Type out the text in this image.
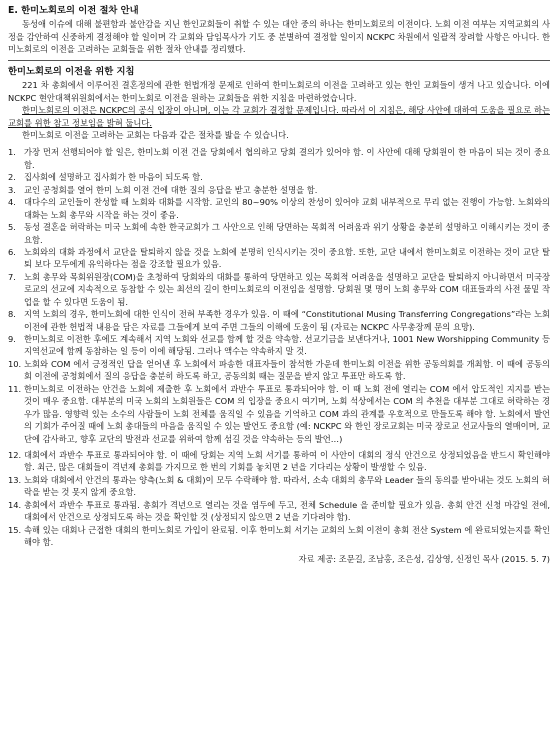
E. 한미노회로의 이전 절차 안내

동성애 이슈에 대해 불편함과 불안감을 지닌 한인교회들이 취할 수 있는 대안 중의 하나는 한미노회로의 이전이다. 노회 이전 여부는 지역교회의 사정을 감안하여 신중하게 결정해야 할 일이며 각 교회와 담임목사가 기도 중 분별하여 결정할 일이지 NCKPC 차원에서 일괄적 장려할 사항은 아니다. 한미노회로의 이전을 고려하는 교회들을 위한 절차 안내를 정리했다.

한미노회로의 이전을 위한 지침

221 차 총회에서 이루어진 결혼정의에 관한 헌법개정 문제로 인하여 한미노회로의 이전을 고려하고 있는 한인 교회들이 생겨 나고 있습니다. 이에 NCKPC 현안대책위원회에서는 한미노회로 이전을 원하는 교회들을 위한 지침을 마련하였습니다.

한미노회로의 이전은 NCKPC의 공식 입장이 아니며, 이는 각 교회가 결정할 문제입니다. 따라서 이 지침은, 해당 사안에 대하여 도움을 필요로 하는 교회를 위한 참고 정보임을 밝혀 둡니다.

한미노회로 이전을 고려하는 교회는 다음과 같은 절차를 밟을 수 있습니다.

1. 가장 먼저 선행되어야 할 일은, 한미노회 이전 건을 당회에서 협의하고 당회 결의가 있어야 함. 이 사안에 대해 당회원이 한 마음이 되는 것이 중요함.
2. 집사회에 설명하고 집사회가 한 마음이 되도록 함.
3. 교인 공청회를 열어 한미 노회 이전 건에 대한 질의 응답을 받고 충분한 설명을 함.
4. 대다수의 교인들이 찬성할 때 노회와 대화를 시작함. 교인의 80~90% 이상의 찬성이 있어야 교회 내부적으로 무리 없는 진행이 가능함. 노회와의 대화는 노회 총무와 시작을 하는 것이 좋음.
5. 동성 결혼을 허락하는 미국 노회에 속한 한국교회가 그 사안으로 인해 당면하는 목회적 어려움과 위기 상황을 충분히 설명하고 이해시키는 것이 중요함.
6. 노회와의 대화 과정에서 교단을 탈퇴하지 않을 것을 노회에 분명히 인식시키는 것이 중요함. 또한, 교단 내에서 한미노회로 이전하는 것이 교단 탈퇴 보다 모두에게 유익하다는 점을 강조할 필요가 있음.
7. 노회 총무와 목회위원장(COM)을 초청하여 당회와의 대화를 통하여 당면하고 있는 목회적 어려움을 설명하고 교단을 탈퇴하지 아니하면서 미국장로교의 선교에 지속적으로 동참할 수 있는 최선의 길이 한미노회로의 이전임을 설명함. 당회원 몇 명이 노회 총무와 COM 대표들과의 사전 물밑 작업을 할 수 있다면 도움이 됨.
8. 지역 노회의 경우, 한미노회에 대한 인식이 전혀 부족한 경우가 있음. 이 때에 “Constitutional Musing Transferring Congregations”라는 노회 이전에 관한 헌법적 내용을 담은 자료를 그들에게 보여 주면 그들의 이해에 도움이 됨 (자료는 NCKPC 사무총장께 문의 요망).
9. 한미노회로 이전한 후에도 계속해서 지역 노회와 선교를 함께 할 것을 약속함. 선교기금을 보낸다거나, 1001 New Worshipping Community 등 지역선교에 함께 동참하는 일 등이 이에 해당됨. 그러나 액수는 약속하지 말 것.
10. 노회와 COM 에서 긍정적인 답을 얻어낸 후 노회에서 파송한 대표자들이 참석한 가운데 한미노회 이전을 위한 공동의회를 개최함. 이 때에 공동의회 이전에 공청회에서 질의 응답을 충분히 하도록 하고, 공동의회 때는 질문을 받지 않고 투표만 하도록 함.
11. 한미노회로 이전하는 안건을 노회에 제출한 후 노회에서 과반수 투표로 통과되어야 함. 이 때 노회 전에 열리는 COM 에서 압도적인 지지를 받는 것이 매우 중요함. 대부분의 미국 노회의 노회원들은 COM 의 입장을 중요시 여기며, 노회 석상에서는 COM 의 추천을 대부분 그대로 허락하는 경우가 많음. 영향력 있는 소수의 사람들이 노회 전체를 움직일 수 있음을 기억하고 COM 과의 관계를 우호적으로 만들도록 해야 함. 노회에서 발언의 기회가 주어질 때에 노회 총대들의 마음을 움직일 수 있는 발언도 중요함 (예: NCKPC 와 한인 장로교회는 미국 장로교 선교사들의 열매이며, 교단에 감사하고, 향후 교단의 발전과 선교를 위하여 함께 섬길 것을 약속하는 등의 발언…)
12. 대회에서 과반수 투표로 통과되어야 함. 이 때에 당회는 지역 노회 서기를 통하여 이 사안이 대회의 정식 안건으로 상정되었음을 반드시 확인해야 함. 최근, 많은 대회들이 격년제 총회를 가지므로 한 번의 기회를 놓치면 2 년을 기다리는 상황이 발생할 수 있음.
13. 노회와 대회에서 안건의 통과는 양측(노회 & 대회)이 모두 수락해야 함. 따라서, 소속 대회의 총무와 Leader 들의 동의를 받아내는 것도 노회의 허락을 받는 것 못지 않게 중요함.
14. 총회에서 과반수 투표로 통과됨. 총회가 격년으로 열리는 것을 염두에 두고, 전체 Schedule 을 준비할 필요가 있음. 총회 안건 신청 마감일 전에, 대회에서 안건으로 상정되도록 하는 것을 확인할 것 (상정되지 않으면 2 년을 기다려야 함).
15. 속해 있는 대회나 근접한 대회의 한미노회로 가입이 완료됨. 이후 한미노회 서기는 교회의 노회 이전이 총회 전산 System 에 완료되었는지를 확인해야 함.
자료 제공: 조문길, 조남홍, 조은성, 김상영, 신정인 목사 (2015. 5. 7)
